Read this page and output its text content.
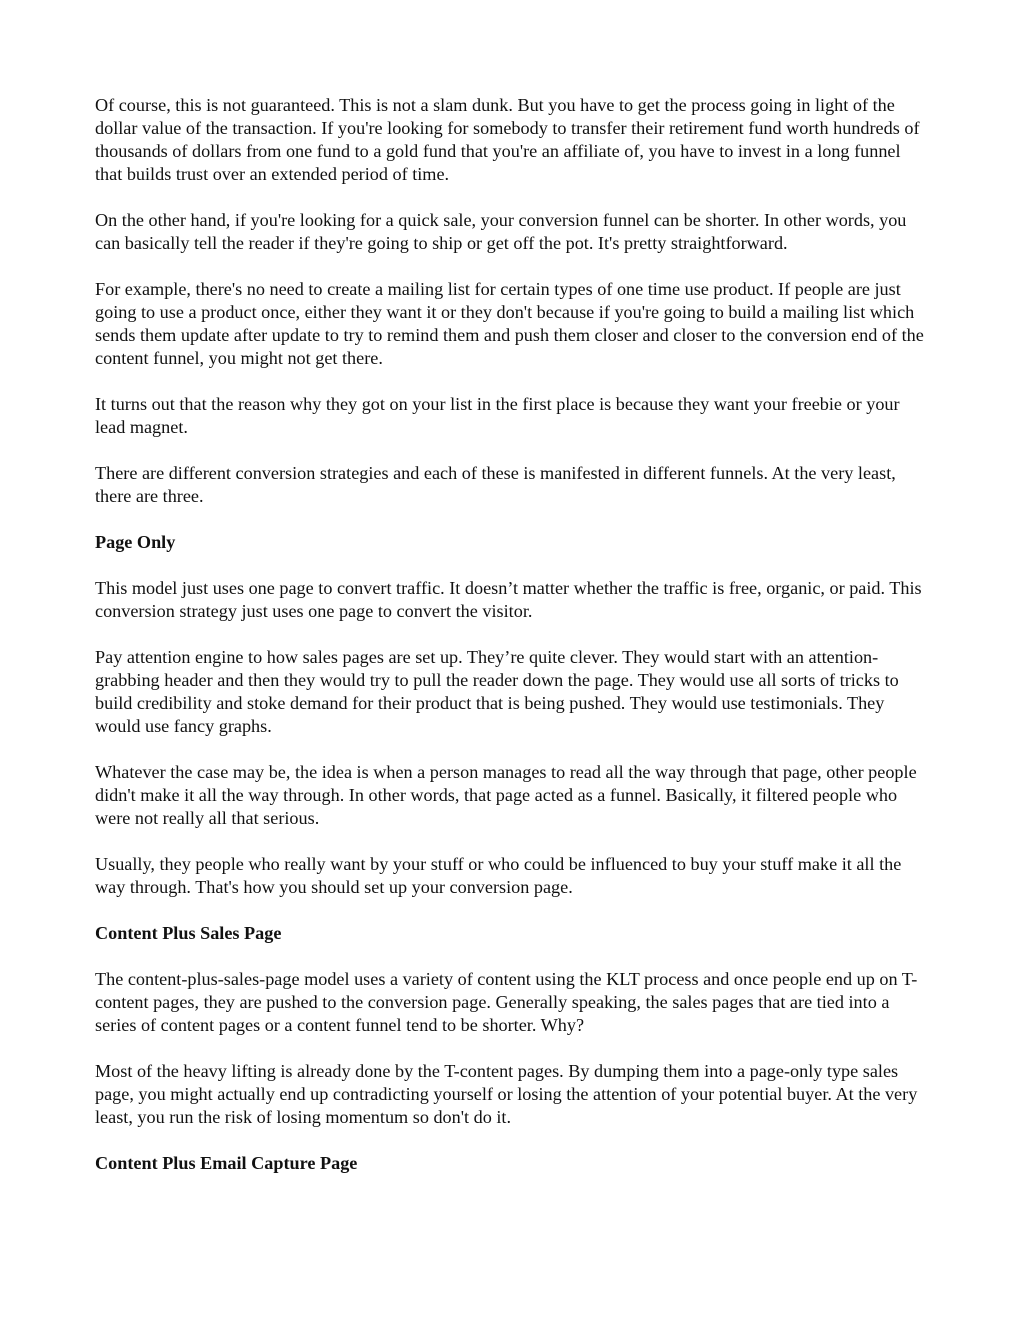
Of course, this is not guaranteed. This is not a slam dunk. But you have to get the process going in light of the dollar value of the transaction. If you're looking for somebody to transfer their retirement fund worth hundreds of thousands of dollars from one fund to a gold fund that you're an affiliate of, you have to invest in a long funnel that builds trust over an extended period of time.

On the other hand, if you're looking for a quick sale, your conversion funnel can be shorter. In other words, you can basically tell the reader if they're going to ship or get off the pot. It's pretty straightforward.

For example, there's no need to create a mailing list for certain types of one time use product. If people are just going to use a product once, either they want it or they don't because if you're going to build a mailing list which sends them update after update to try to remind them and push them closer and closer to the conversion end of the content funnel, you might not get there.

It turns out that the reason why they got on your list in the first place is because they want your freebie or your lead magnet.

There are different conversion strategies and each of these is manifested in different funnels. At the very least, there are three.

Page Only

This model just uses one page to convert traffic. It doesn’t matter whether the traffic is free, organic, or paid. This conversion strategy just uses one page to convert the visitor.

Pay attention engine to how sales pages are set up. They’re quite clever. They would start with an attention-grabbing header and then they would try to pull the reader down the page. They would use all sorts of tricks to build credibility and stoke demand for their product that is being pushed. They would use testimonials. They would use fancy graphs.

Whatever the case may be, the idea is when a person manages to read all the way through that page, other people didn't make it all the way through. In other words, that page acted as a funnel. Basically, it filtered people who were not really all that serious.

Usually, they people who really want by your stuff or who could be influenced to buy your stuff make it all the way through. That's how you should set up your conversion page.

Content Plus Sales Page

The content-plus-sales-page model uses a variety of content using the KLT process and once people end up on T-content pages, they are pushed to the conversion page. Generally speaking, the sales pages that are tied into a series of content pages or a content funnel tend to be shorter. Why?

Most of the heavy lifting is already done by the T-content pages. By dumping them into a page-only type sales page, you might actually end up contradicting yourself or losing the attention of your potential buyer. At the very least, you run the risk of losing momentum so don't do it.

Content Plus Email Capture Page
